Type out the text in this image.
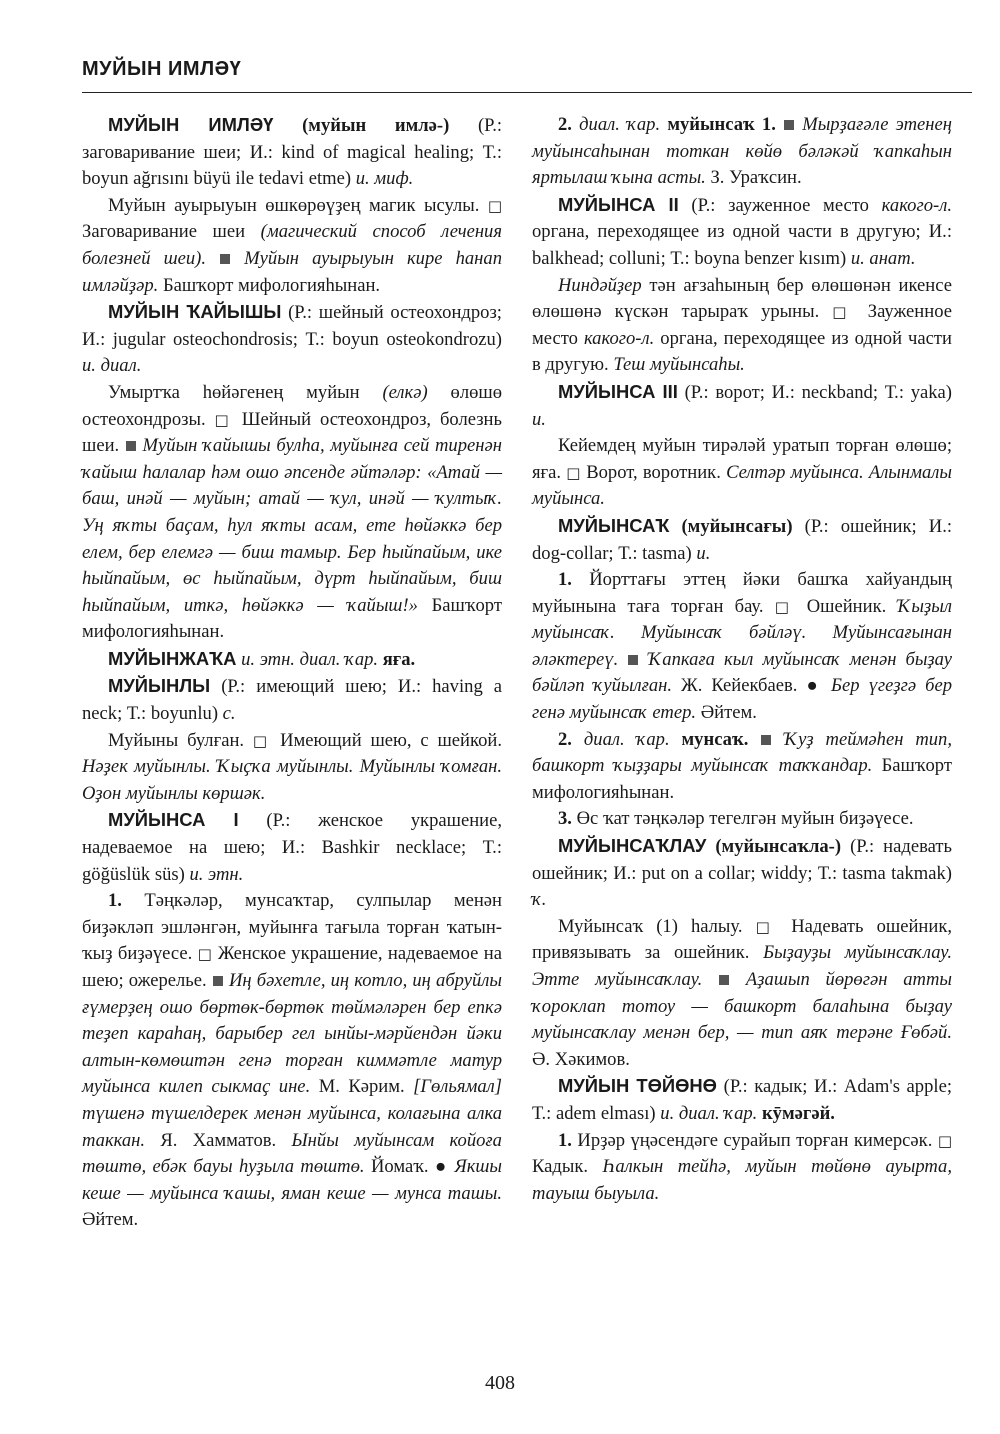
МУЙЫН ИМЛӘҮ

МУЙЫН ИМЛӘҮ (муйын имлә-) (Р.: заговаривание шеи; И.: kind of magical healing; Т.: boyun ağrısını büyü ile tedavi etme) и. миф.

Муйын ауырыуын өшкөрөүҙең магик ысулы. □ Заговаривание шеи (магический способ лечения болезней шеи). Муйын ауырыуын кире һанап имләйҙәр. Башҡорт мифологияһынан.

МУЙЫН ҠАЙЫШЫ (Р.: шейный остеохондроз; И.: jugular osteochondrosis; Т.: boyun osteokondrozu) и. диал.

Умыртҡа һөйәгенең муйын (елкә) өлөшө остеохондрозы. □ Шейный остеохондроз, болезнь шеи. Муйын ҡайышы булһа, муйынға сей тиренән ҡайыш һалалар һәм ошо әпсенде әйтәләр: «Атай — баш, инәй — муйын; атай — ҡул, инәй — ҡултыҡ. Уң яҡты баҫам, һул яҡты асам, ете һөйәккә бер елем, бер елемгә — биш тамыр. Бер һыйпайым, ике һыйпайым, өс һыйпайым, дүрт һыйпайым, биш һыйпайым, иткә, һөйәккә — ҡайыш!» Башҡорт мифологияһынан.

МУЙЫНЖАҠА и. этн. диал. ҡар. яға.

МУЙЫНЛЫ (Р.: имеющий шею; И.: having a neck; Т.: boyunlu) с.

Муйыны булған. □ Имеющий шею, с шейкой. Нәҙек муйынлы. Ҡыҫҡа муйынлы. Муйынлы ҡомған. Оҙон муйынлы көршәк.

МУЙЫНСА I (Р.: женское украшение, надеваемое на шею; И.: Bashkir necklace; Т.: göğüslük süs) и. этн.

1. Тәңкәләр, мунсаҡтар, сулпылар менән биҙәкләп эшләнгән, муйынға тағыла торған ҡатын-ҡыҙ биҙәүесе. □ Женское украшение, надеваемое на шею; ожерелье. Иң бәхетле, иң котло, иң абруйлы ғүмерҙең ошо бөртөк-бөртөк төймәләрен бер епкә теҙеп караһаң, барыбер гел ынйы-мәрйендән йәки алтын-көмөштән генә торған киммәтле матур муйынса килеп сыкмаҫ ине. М. Кәрим. [Гөльямал] түшенә түшелдерек менән муйынса, колағына алка таккан. Я. Хамматов. Ынйы муйынсам койоға төштө, ебәк бауы һуҙыла төштө. Йомаҡ. ● Якшы кеше — муйынса ҡашы, яман кеше — мунса ташы. Әйтем.

2. диал. ҡар. муйынсаҡ 1. Мырҙағәле этенең муйынсаһынан тоткан көйө бәләкәй ҡапкаһын яртылаш ҡына асты. З. Ураҡсин.

МУЙЫНСА II (Р.: зауженное место какого-л. органа, переходящее из одной части в другую; И.: balkhead; colluni; Т.: boyna benzer kısım) и. анат.

Ниндәйҙер тән ағзаһының бер өлөшөнән икенсе өлөшөнә күскән тарыраҡ урыны. □ Зауженное место какого-л. органа, переходящее из одной части в другую. Теш муйынсаһы.

МУЙЫНСА III (Р.: ворот; И.: neckband; Т.: yaka) и.

Кейемдең муйын тирәләй уратып торған өлөшө; яға. □ Ворот, воротник. Селтәр муйынса. Алынмалы муйынса.

МУЙЫНСАҠ (муйынсағы) (Р.: ошейник; И.: dog-collar; Т.: tasma) и.

1. Йорттағы эттең йәки башҡа хайуандың муйынына таға торған бау. □ Ошейник. Ҡыҙыл муйынсаҡ. Муйынсаҡ бәйләү. Муйынсағынан әләктереү. Ҡапкаға кыл муйынсаҡ менән быҙау бәйләп ҡуйылған. Ж. Кейекбаев. ● Бер үгеҙгә бер генә муйынсаҡ етер. Әйтем.

2. диал. ҡар. мунсаҡ. Ҡуҙ теймәһен тип, башкорт ҡыҙҙары муйынсаҡ таҡҡандар. Башҡорт мифологияһынан.

3. Өс ҡат тәңкәләр тегелгән муйын биҙәүесе.

МУЙЫНСАҠЛАУ (муйынсаҡла-) (Р.: надевать ошейник; И.: put on a collar; widdy; Т.: tasma takmak) ҡ.

Муйынсаҡ (1) һалыу. □ Надевать ошейник, привязывать за ошейник. Быҙауҙы муйынсаҡлау. Этте муйынсаҡлау. Аҙашып йөрөгән атты ҡороклап тотоу — башкорт балаһына быҙау муйынсаҡлау менән бер, — тип аяҡ терәне Ғөбәй. Ә. Хәкимов.

МУЙЫН ТӨЙӨНӨ (Р.: кадык; И.: Adam's apple; Т.: adem elması) и. диал. ҡар. кӯмәгәй.

1. Ирҙәр үңәсендәге сурайып торған кимерсәк. □ Кадык. Һалкын тейһә, муйын төйөнө ауырта, тауыш быуыла.

408
